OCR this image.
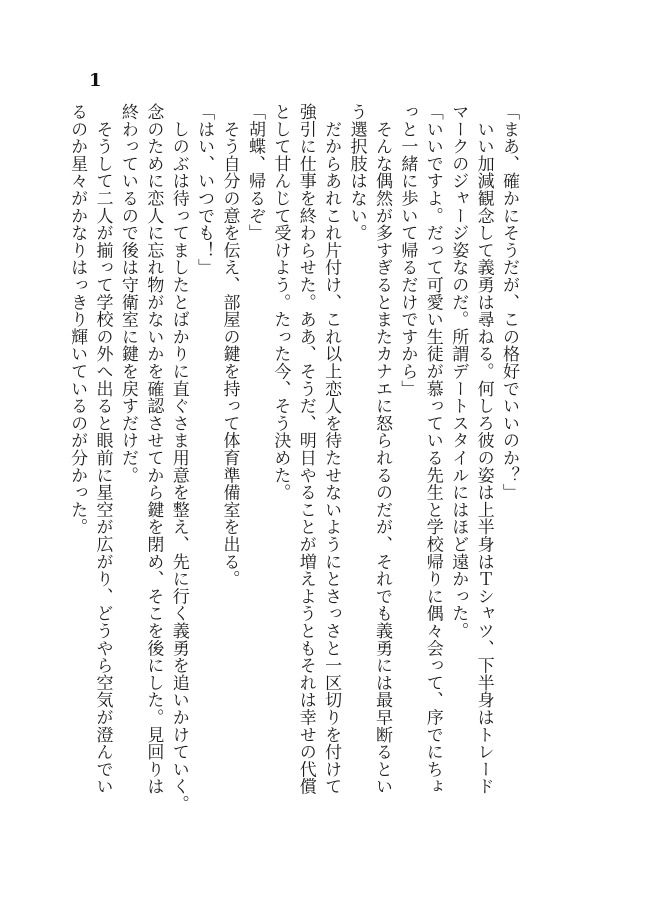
1
「まあ、確かにそうだが、この格好でいいのか？」
　いい加減観念して義勇は尋ねる。何しろ彼の姿は上半身はＴシャツ、下半身はトレード
マークのジャージ姿なのだ。所謂デートスタイルにはほど遠かった。
「いいですよ。だって可愛い生徒が慕っている先生と学校帰りに偶々会って、序でにちょ
っと一緒に歩いて帰るだけですから」
　そんな偶然が多すぎるとまたカナエに怒られるのだが、それでも義勇には最早断るとい
う選択肢はない。
　だからあれこれ片付け、これ以上恋人を待たせないようにとさっさと一区切りを付けて
強引に仕事を終わらせた。ああ、そうだ、明日やることが増えようともそれは幸せの代償
として甘んじて受けよう。たった今、そう決めた。
「胡蝶、帰るぞ」
　そう自分の意を伝え、部屋の鍵を持って体育準備室を出る。
「はい、いつでも！」
　しのぶは待ってましたとばかりに直ぐさま用意を整え、先に行く義勇を追いかけていく。
念のために恋人に忘れ物がないかを確認させてから鍵を閉め、そこを後にした。見回りは
終わっているので後は守衛室に鍵を戻すだけだ。
　そうして二人が揃って学校の外へ出ると眼前に星空が広がり、どうやら空気が澄んでい
るのか星々がかなりはっきり輝いているのが分かった。
